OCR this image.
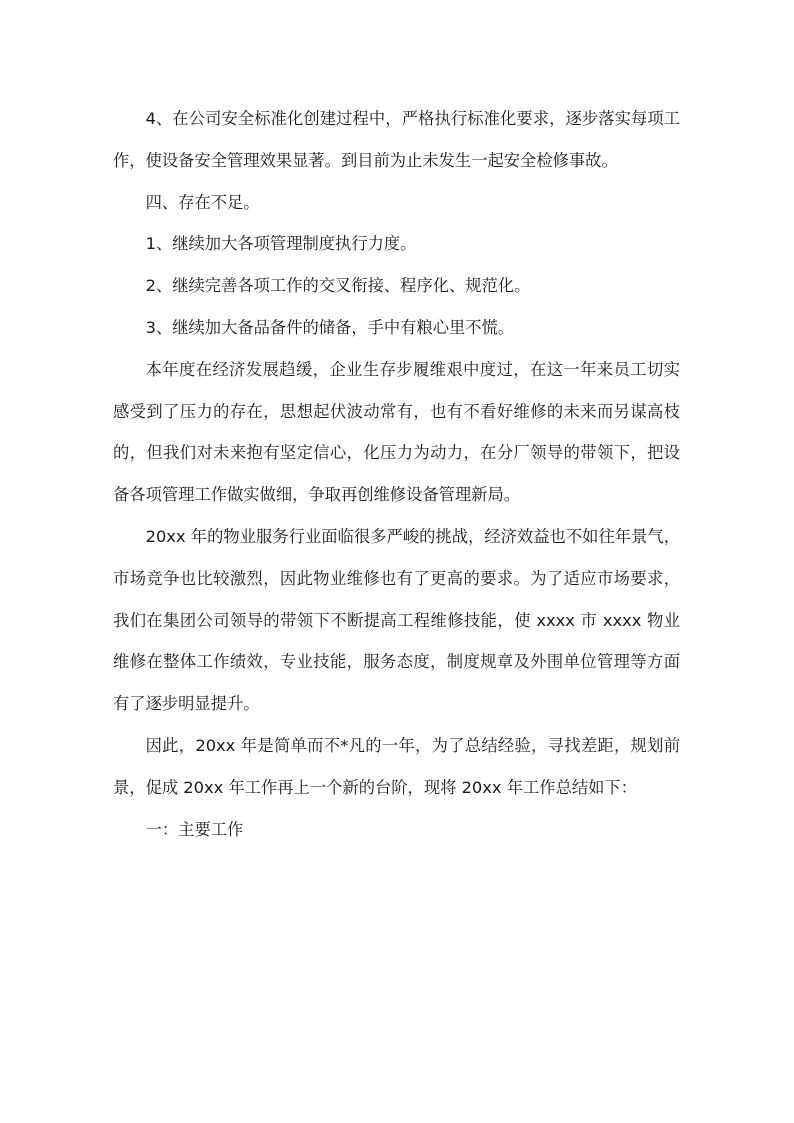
4、在公司安全标准化创建过程中，严格执行标准化要求，逐步落实每项工作，使设备安全管理效果显著。到目前为止未发生一起安全检修事故。

四、存在不足。

1、继续加大各项管理制度执行力度。

2、继续完善各项工作的交叉衔接、程序化、规范化。

3、继续加大备品备件的储备，手中有粮心里不慌。

本年度在经济发展趋缓，企业生存步履维艰中度过，在这一年来员工切实感受到了压力的存在，思想起伏波动常有，也有不看好维修的未来而另谋高枝的，但我们对未来抱有坚定信心，化压力为动力，在分厂领导的带领下，把设备各项管理工作做实做细，争取再创维修设备管理新局。

20xx 年的物业服务行业面临很多严峻的挑战，经济效益也不如往年景气，市场竞争也比较激烈，因此物业维修也有了更高的要求。为了适应市场要求，我们在集团公司领导的带领下不断提高工程维修技能，使 xxxx 市 xxxx 物业维修在整体工作绩效，专业技能，服务态度，制度规章及外围单位管理等方面有了逐步明显提升。

因此，20xx 年是简单而不*凡的一年，为了总结经验，寻找差距，规划前景，促成 20xx 年工作再上一个新的台阶，现将 20xx 年工作总结如下：

一：主要工作
